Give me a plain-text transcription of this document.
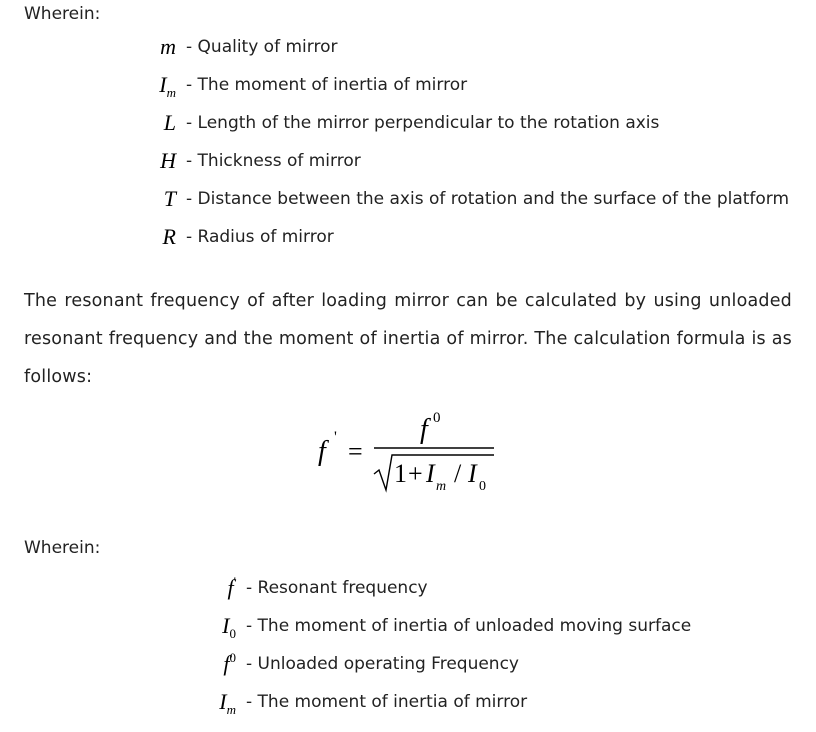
Wherein:
m - Quality of mirror
$I_m$ - The moment of inertia of mirror
L - Length of the mirror perpendicular to the rotation axis
H - Thickness of mirror
T - Distance between the axis of rotation and the surface of the platform
R - Radius of mirror
The resonant frequency of after loading mirror can be calculated by using unloaded resonant frequency and the moment of inertia of mirror. The calculation formula is as follows:
f ' =
f 0
1 + I m / I 0
Wherein:
f' - Resonant frequency
$I_0$ - The moment of inertia of unloaded moving surface
$f^0$ - Unloaded operating Frequency
$I_m$ - The moment of inertia of mirror
